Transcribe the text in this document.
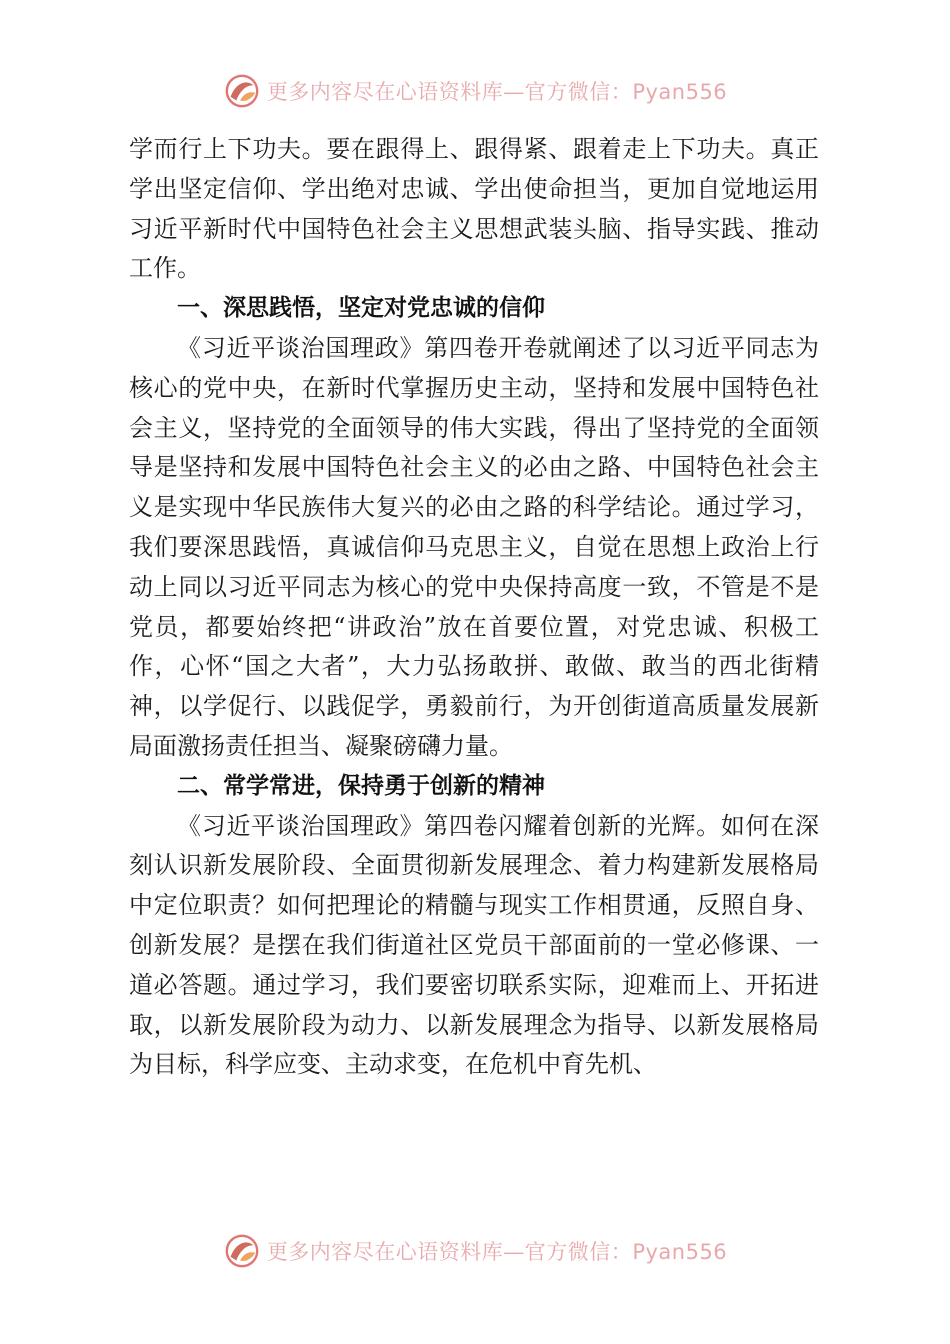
更多内容尽在心语资料库—官方微信：Pyan556

学而行上下功夫。要在跟得上、跟得紧、跟着走上下功夫。真正学出坚定信仰、学出绝对忠诚、学出使命担当，更加自觉地运用习近平新时代中国特色社会主义思想武装头脑、指导实践、推动工作。

一、深思践悟，坚定对党忠诚的信仰

《习近平谈治国理政》第四卷开卷就阐述了以习近平同志为核心的党中央，在新时代掌握历史主动，坚持和发展中国特色社会主义，坚持党的全面领导的伟大实践，得出了坚持党的全面领导是坚持和发展中国特色社会主义的必由之路、中国特色社会主义是实现中华民族伟大复兴的必由之路的科学结论。通过学习，我们要深思践悟，真诚信仰马克思主义，自觉在思想上政治上行动上同以习近平同志为核心的党中央保持高度一致，不管是不是党员，都要始终把“讲政治”放在首要位置，对党忠诚、积极工作，心怀“国之大者”，大力弘扬敢拼、敢做、敢当的西北街精神，以学促行、以践促学，勇毅前行，为开创街道高质量发展新局面激扬责任担当、凝聚磅礴力量。

二、常学常进，保持勇于创新的精神

《习近平谈治国理政》第四卷闪耀着创新的光辉。如何在深刻认识新发展阶段、全面贯彻新发展理念、着力构建新发展格局中定位职责？如何把理论的精髓与现实工作相贯通，反照自身、创新发展？是摆在我们街道社区党员干部面前的一堂必修课、一道必答题。通过学习，我们要密切联系实际，迎难而上、开拓进取，以新发展阶段为动力、以新发展理念为指导、以新发展格局为目标，科学应变、主动求变，在危机中育先机、

更多内容尽在心语资料库—官方微信：Pyan556
